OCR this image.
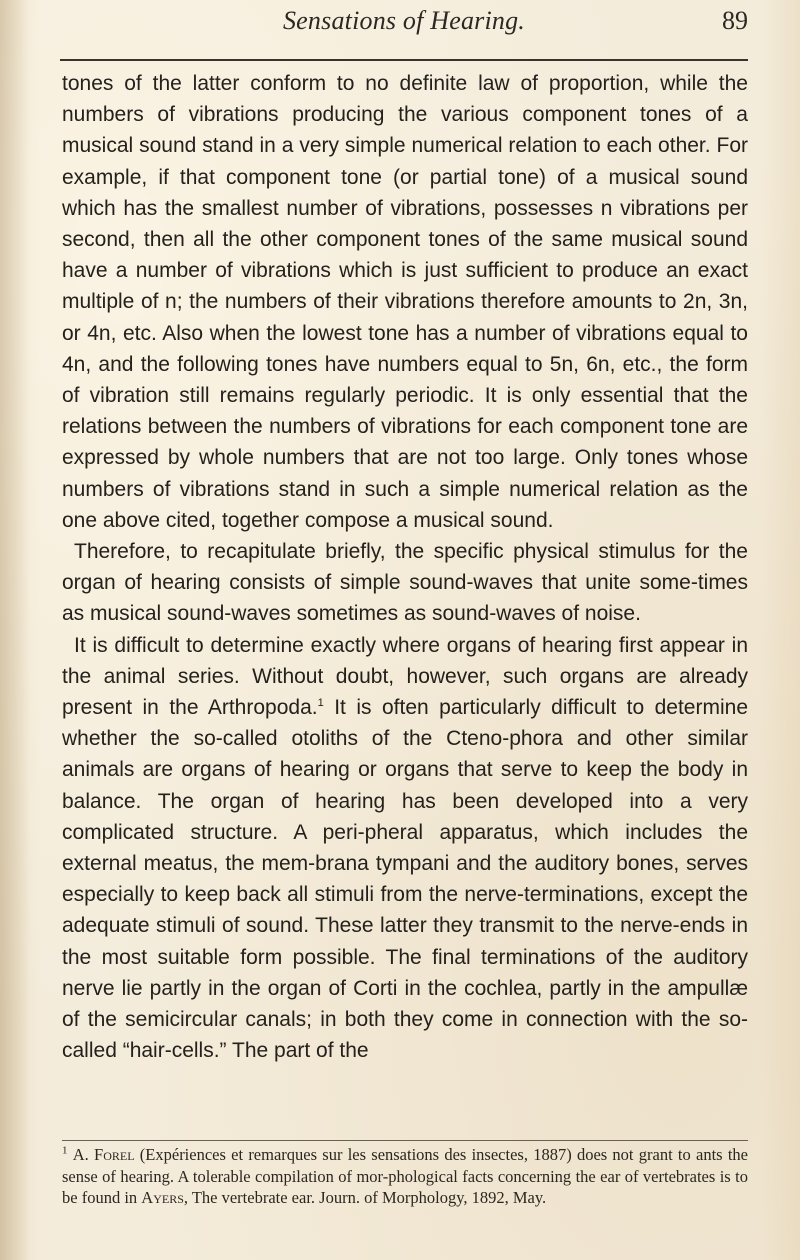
Sensations of Hearing.	89

tones of the latter conform to no definite law of proportion, while the numbers of vibrations producing the various component tones of a musical sound stand in a very simple numerical relation to each other. For example, if that component tone (or partial tone) of a musical sound which has the smallest number of vibrations, possesses n vibrations per second, then all the other component tones of the same musical sound have a number of vibrations which is just sufficient to produce an exact multiple of n; the numbers of their vibrations therefore amounts to 2n, 3n, or 4n, etc. Also when the lowest tone has a number of vibrations equal to 4n, and the following tones have numbers equal to 5n, 6n, etc., the form of vibration still remains regularly periodic. It is only essential that the relations between the numbers of vibrations for each component tone are expressed by whole numbers that are not too large. Only tones whose numbers of vibrations stand in such a simple numerical relation as the one above cited, together compose a musical sound.

Therefore, to recapitulate briefly, the specific physical stimulus for the organ of hearing consists of simple sound-waves that unite some-times as musical sound-waves sometimes as sound-waves of noise.

It is difficult to determine exactly where organs of hearing first appear in the animal series. Without doubt, however, such organs are already present in the Arthropoda.$^1$ It is often particularly difficult to determine whether the so-called otoliths of the Cteno-phora and other similar animals are organs of hearing or organs that serve to keep the body in balance. The organ of hearing has been developed into a very complicated structure. A peri-pheral apparatus, which includes the external meatus, the mem-brana tympani and the auditory bones, serves especially to keep back all stimuli from the nerve-terminations, except the adequate stimuli of sound. These latter they transmit to the nerve-ends in the most suitable form possible. The final terminations of the auditory nerve lie partly in the organ of Corti in the cochlea, partly in the ampullæ of the semicircular canals; in both they come in connection with the so-called “hair-cells.” The part of the

$^1$ A. Forel (Expériences et remarques sur les sensations des insectes, 1887) does not grant to ants the sense of hearing. A tolerable compilation of mor-phological facts concerning the ear of vertebrates is to be found in Ayers, The vertebrate ear. Journ. of Morphology, 1892, May.
